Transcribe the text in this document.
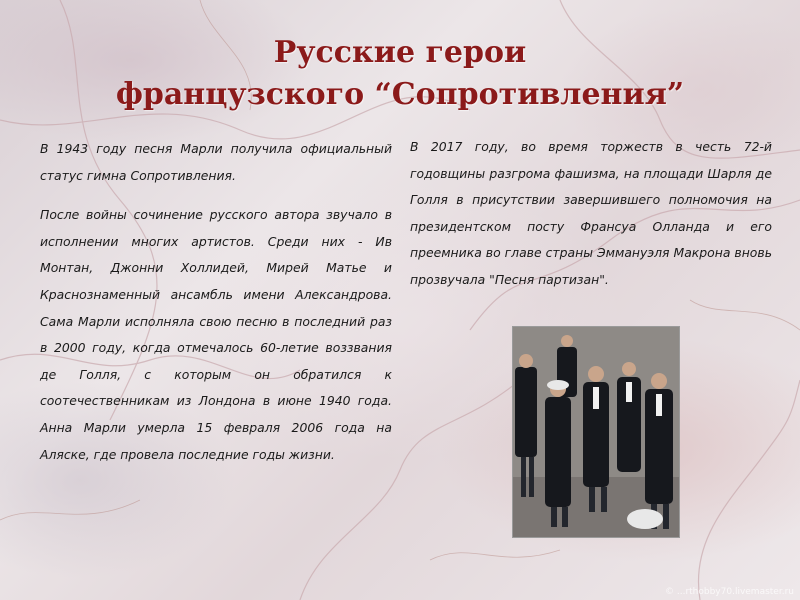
Русские герои
французского “Сопротивления”

В 1943 году песня Марли получила официальный статус гимна Сопротивления.

После войны сочинение русского автора звучало в исполнении многих артистов. Среди них - Ив Монтан, Джонни Холлидей, Мирей Матье и Краснознаменный ансамбль имени Александрова. Сама Марли исполняла свою песню в последний раз в 2000 году, когда отмечалось 60-летие воззвания де Голля, с которым он обратился к соотечественникам из Лондона в июне 1940 года. Анна Марли умерла 15 февраля 2006 года на Аляске, где провела последние годы жизни.

В 2017 году, во время торжеств в честь 72-й годовщины разгрома фашизма, на площади Шарля де Голля в присутствии завершившего полномочия на президентском посту Франсуа Олланда и его преемника во главе страны Эммануэля Макрона вновь прозвучала "Песня партизан".

© ...rthobby70.livemaster.ru
